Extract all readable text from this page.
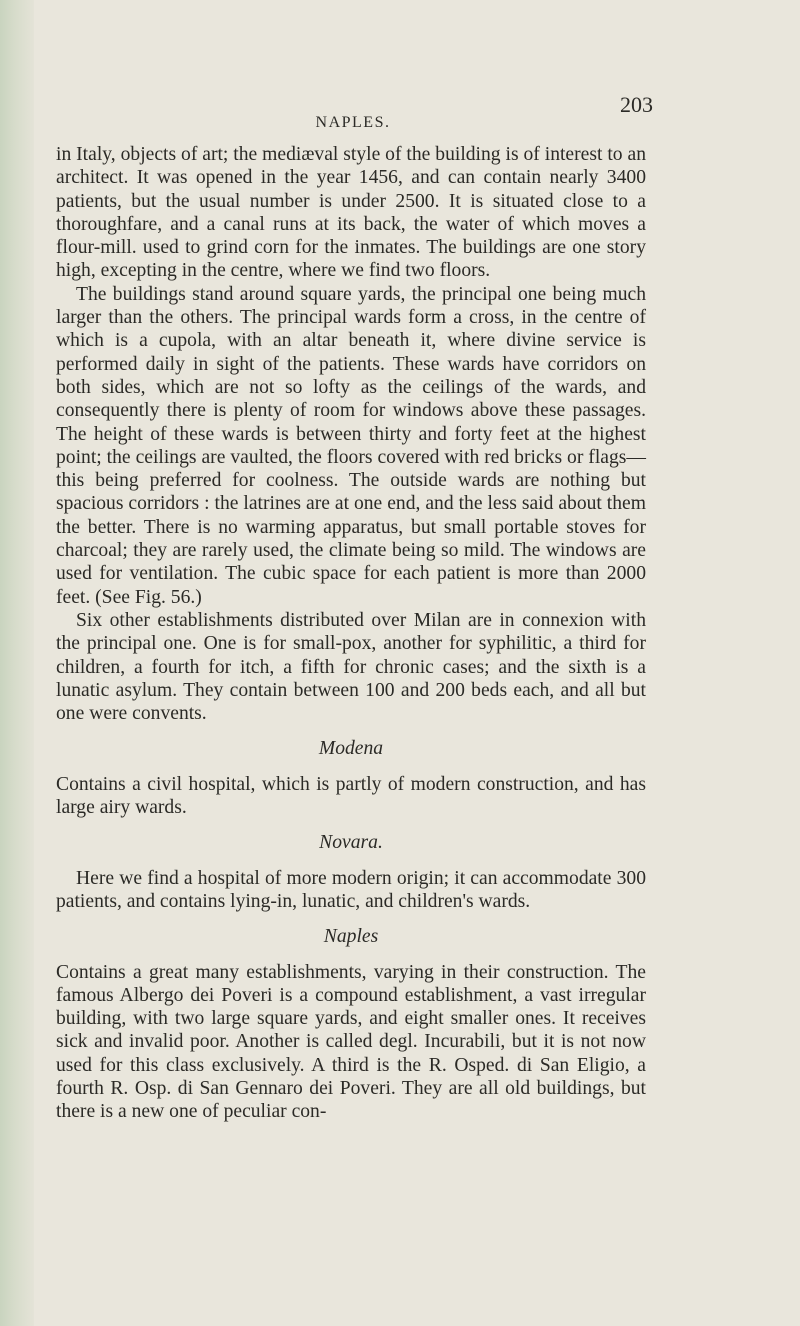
NAPLES.
203

in Italy, objects of art; the mediæval style of the building is of interest to an architect. It was opened in the year 1456, and can contain nearly 3400 patients, but the usual number is under 2500. It is situated close to a thoroughfare, and a canal runs at its back, the water of which moves a flour-mill. used to grind corn for the inmates. The buildings are one story high, excepting in the centre, where we find two floors.

The buildings stand around square yards, the principal one being much larger than the others. The principal wards form a cross, in the centre of which is a cupola, with an altar beneath it, where divine service is performed daily in sight of the patients. These wards have corridors on both sides, which are not so lofty as the ceilings of the wards, and consequently there is plenty of room for windows above these passages. The height of these wards is between thirty and forty feet at the highest point; the ceilings are vaulted, the floors covered with red bricks or flags—this being preferred for coolness. The outside wards are nothing but spacious corridors : the latrines are at one end, and the less said about them the better. There is no warming apparatus, but small portable stoves for charcoal; they are rarely used, the climate being so mild. The windows are used for ventilation. The cubic space for each patient is more than 2000 feet. (See Fig. 56.)

Six other establishments distributed over Milan are in connexion with the principal one. One is for small-pox, another for syphilitic, a third for children, a fourth for itch, a fifth for chronic cases; and the sixth is a lunatic asylum. They contain between 100 and 200 beds each, and all but one were convents.

Modena

Contains a civil hospital, which is partly of modern construction, and has large airy wards.

Novara.

Here we find a hospital of more modern origin; it can accommodate 300 patients, and contains lying-in, lunatic, and children's wards.

Naples

Contains a great many establishments, varying in their construction. The famous Albergo dei Poveri is a compound establishment, a vast irregular building, with two large square yards, and eight smaller ones. It receives sick and invalid poor. Another is called degl. Incurabili, but it is not now used for this class exclusively. A third is the R. Osped. di San Eligio, a fourth R. Osp. di San Gennaro dei Poveri. They are all old buildings, but there is a new one of peculiar con-
